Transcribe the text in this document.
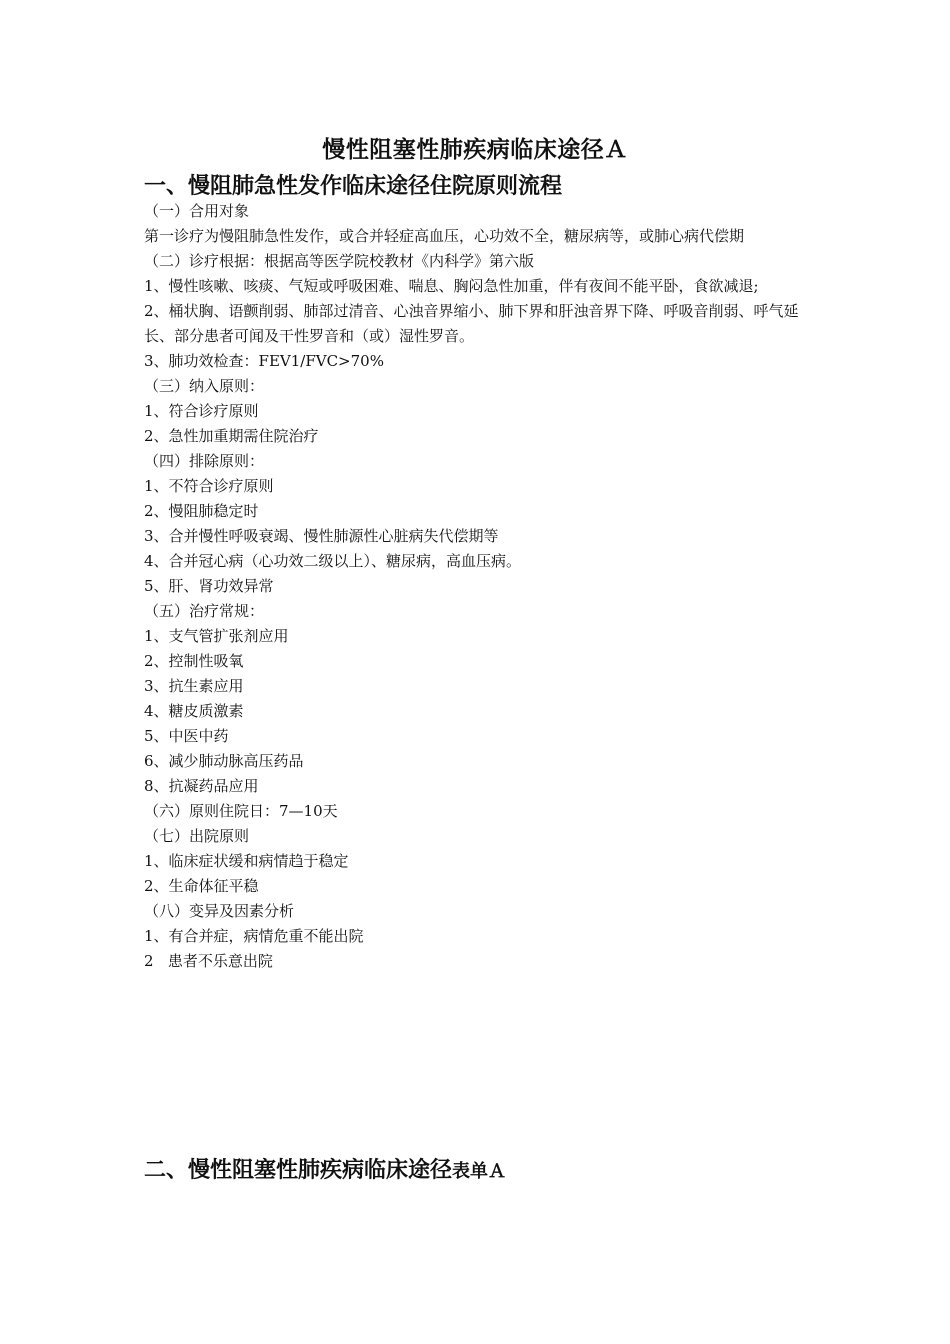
慢性阻塞性肺疾病临床途径Ａ
一、慢阻肺急性发作临床途径住院原则流程

（一）合用对象

第一诊疗为慢阻肺急性发作，或合并轻症高血压，心功效不全，糖尿病等，或肺心病代偿期

（二）诊疗根据：根据高等医学院校教材《内科学》第六版

1、慢性咳嗽、咳痰、气短或呼吸困难、喘息、胸闷急性加重，伴有夜间不能平卧，食欲减退;

2、桶状胸、语颤削弱、肺部过清音、心浊音界缩小、肺下界和肝浊音界下降、呼吸音削弱、呼气延长、部分患者可闻及干性罗音和（或）湿性罗音。

3、肺功效检查：FEV1/FVC>70%

（三）纳入原则：

1、符合诊疗原则

2、急性加重期需住院治疗

（四）排除原则：

1、不符合诊疗原则

2、慢阻肺稳定时

3、合并慢性呼吸衰竭、慢性肺源性心脏病失代偿期等

4、合并冠心病（心功效二级以上）、糖尿病，高血压病。

5、肝、肾功效异常

（五）治疗常规：

1、支气管扩张剂应用

2、控制性吸氧

3、抗生素应用

4、糖皮质激素

5、中医中药

6、减少肺动脉高压药品

8、抗凝药品应用

（六）原则住院日：7—10天

（七）出院原则

1、临床症状缓和病情趋于稳定

2、生命体征平稳

（八）变异及因素分析

1、有合并症，病情危重不能出院

2   患者不乐意出院

二、慢性阻塞性肺疾病临床途径表单Ａ
